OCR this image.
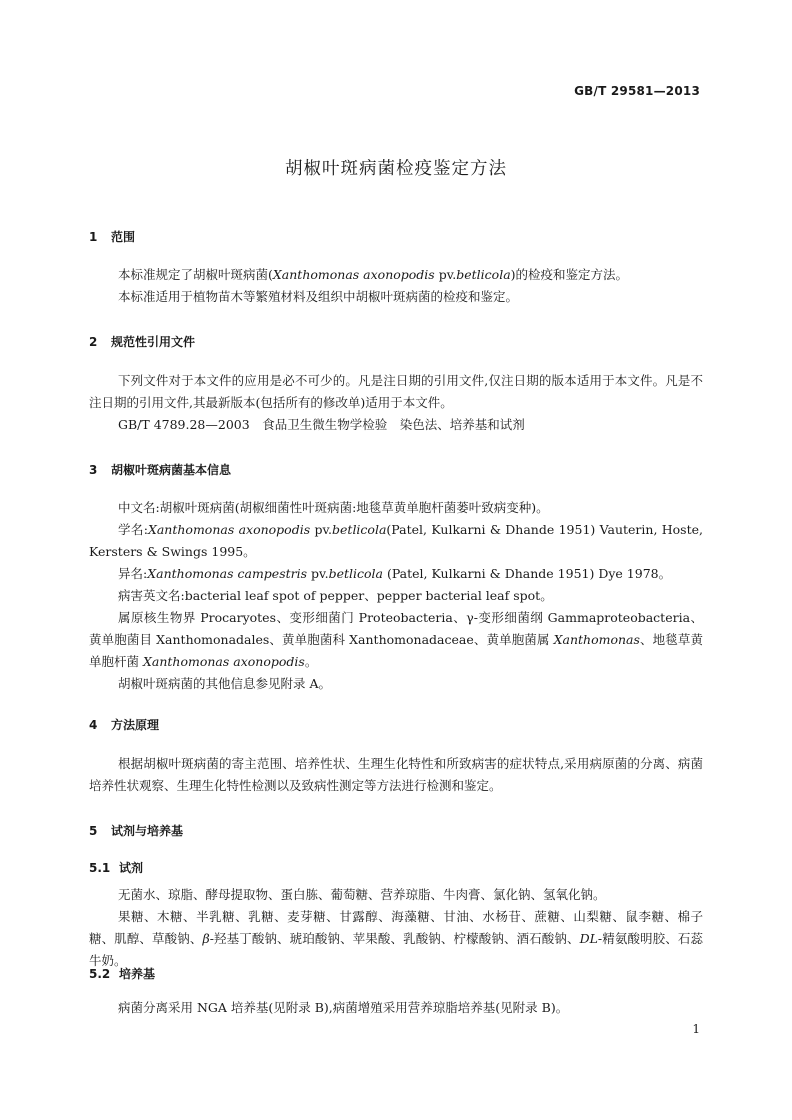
GB/T 29581—2013
胡椒叶斑病菌检疫鉴定方法
1 范围
本标准规定了胡椒叶斑病菌(Xanthomonas axonopodis pv.betlicola)的检疫和鉴定方法。
本标准适用于植物苗木等繁殖材料及组织中胡椒叶斑病菌的检疫和鉴定。
2 规范性引用文件
下列文件对于本文件的应用是必不可少的。凡是注日期的引用文件,仅注日期的版本适用于本文件。凡是不注日期的引用文件,其最新版本(包括所有的修改单)适用于本文件。
GB/T 4789.28—2003　食品卫生微生物学检验　染色法、培养基和试剂
3 胡椒叶斑病菌基本信息
中文名:胡椒叶斑病菌(胡椒细菌性叶斑病菌:地毯草黄单胞杆菌蒌叶致病变种)。
学名:Xanthomonas axonopodis pv.betlicola(Patel, Kulkarni & Dhande 1951) Vauterin, Hoste, Kersters & Swings 1995。
异名:Xanthomonas campestris pv.betlicola (Patel, Kulkarni & Dhande 1951) Dye 1978。
病害英文名:bacterial leaf spot of pepper、pepper bacterial leaf spot。
属原核生物界 Procaryotes、变形细菌门 Proteobacteria、γ-变形细菌纲 Gammaproteobacteria、黄单胞菌目 Xanthomonadales、黄单胞菌科 Xanthomonadaceae、黄单胞菌属 Xanthomonas、地毯草黄单胞杆菌 Xanthomonas axonopodis。
胡椒叶斑病菌的其他信息参见附录 A。
4 方法原理
根据胡椒叶斑病菌的寄主范围、培养性状、生理生化特性和所致病害的症状特点,采用病原菌的分离、病菌培养性状观察、生理生化特性检测以及致病性测定等方法进行检测和鉴定。
5 试剂与培养基
5.1 试剂
无菌水、琼脂、酵母提取物、蛋白胨、葡萄糖、营养琼脂、牛肉膏、氯化钠、氢氧化钠。
果糖、木糖、半乳糖、乳糖、麦芽糖、甘露醇、海藻糖、甘油、水杨苷、蔗糖、山梨糖、鼠李糖、棉子糖、肌醇、草酸钠、β-羟基丁酸钠、琥珀酸钠、苹果酸、乳酸钠、柠檬酸钠、酒石酸钠、DL-精氨酸明胶、石蕊牛奶。
5.2 培养基
病菌分离采用 NGA 培养基(见附录 B),病菌增殖采用营养琼脂培养基(见附录 B)。
1
